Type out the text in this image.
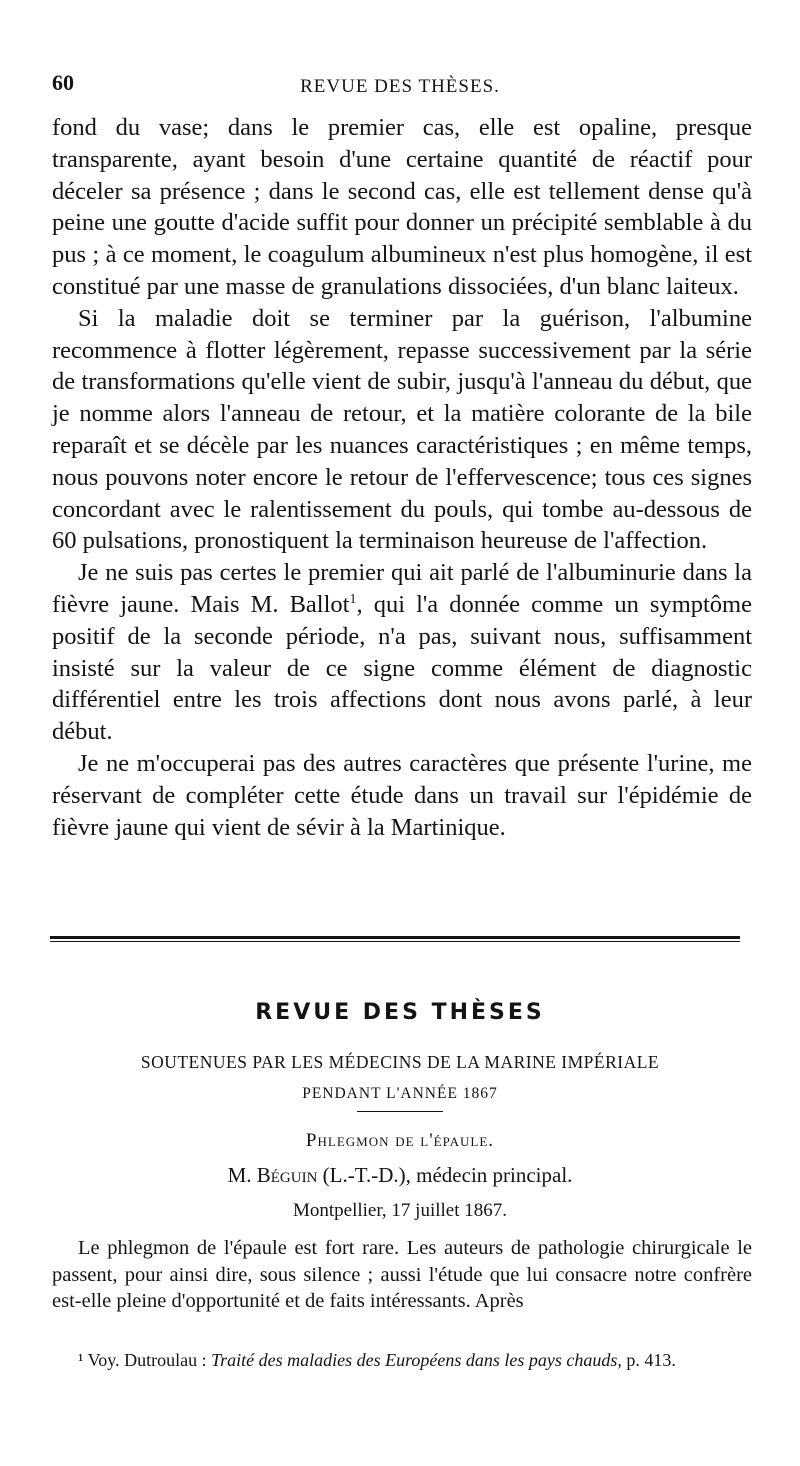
60	REVUE DES THÈSES.

fond du vase; dans le premier cas, elle est opaline, presque transparente, ayant besoin d'une certaine quantité de réactif pour déceler sa présence ; dans le second cas, elle est tellement dense qu'à peine une goutte d'acide suffit pour donner un précipité semblable à du pus ; à ce moment, le coagulum albumineux n'est plus homogène, il est constitué par une masse de granulations dissociées, d'un blanc laiteux.

Si la maladie doit se terminer par la guérison, l'albumine recommence à flotter légèrement, repasse successivement par la série de transformations qu'elle vient de subir, jusqu'à l'anneau du début, que je nomme alors l'anneau de retour, et la matière colorante de la bile reparaît et se décèle par les nuances caractéristiques ; en même temps, nous pouvons noter encore le retour de l'effervescence; tous ces signes concordant avec le ralentissement du pouls, qui tombe au-dessous de 60 pulsations, pronostiquent la terminaison heureuse de l'affection.

Je ne suis pas certes le premier qui ait parlé de l'albuminurie dans la fièvre jaune. Mais M. Ballot$^1$, qui l'a donnée comme un symptôme positif de la seconde période, n'a pas, suivant nous, suffisamment insisté sur la valeur de ce signe comme élément de diagnostic différentiel entre les trois affections dont nous avons parlé, à leur début.

Je ne m'occuperai pas des autres caractères que présente l'urine, me réservant de compléter cette étude dans un travail sur l'épidémie de fièvre jaune qui vient de sévir à la Martinique.

REVUE DES THÈSES
SOUTENUES PAR LES MÉDECINS DE LA MARINE IMPÉRIALE
PENDANT L'ANNÉE 1867
Phlegmon de l'épaule.
M. Béguin (L.-T.-D.), médecin principal.
Montpellier, 17 juillet 1867.

Le phlegmon de l'épaule est fort rare. Les auteurs de pathologie chirurgicale le passent, pour ainsi dire, sous silence ; aussi l'étude que lui consacre notre confrère est-elle pleine d'opportunité et de faits intéressants. Après

¹ Voy. Dutroulau : Traité des maladies des Européens dans les pays chauds, p. 413.
